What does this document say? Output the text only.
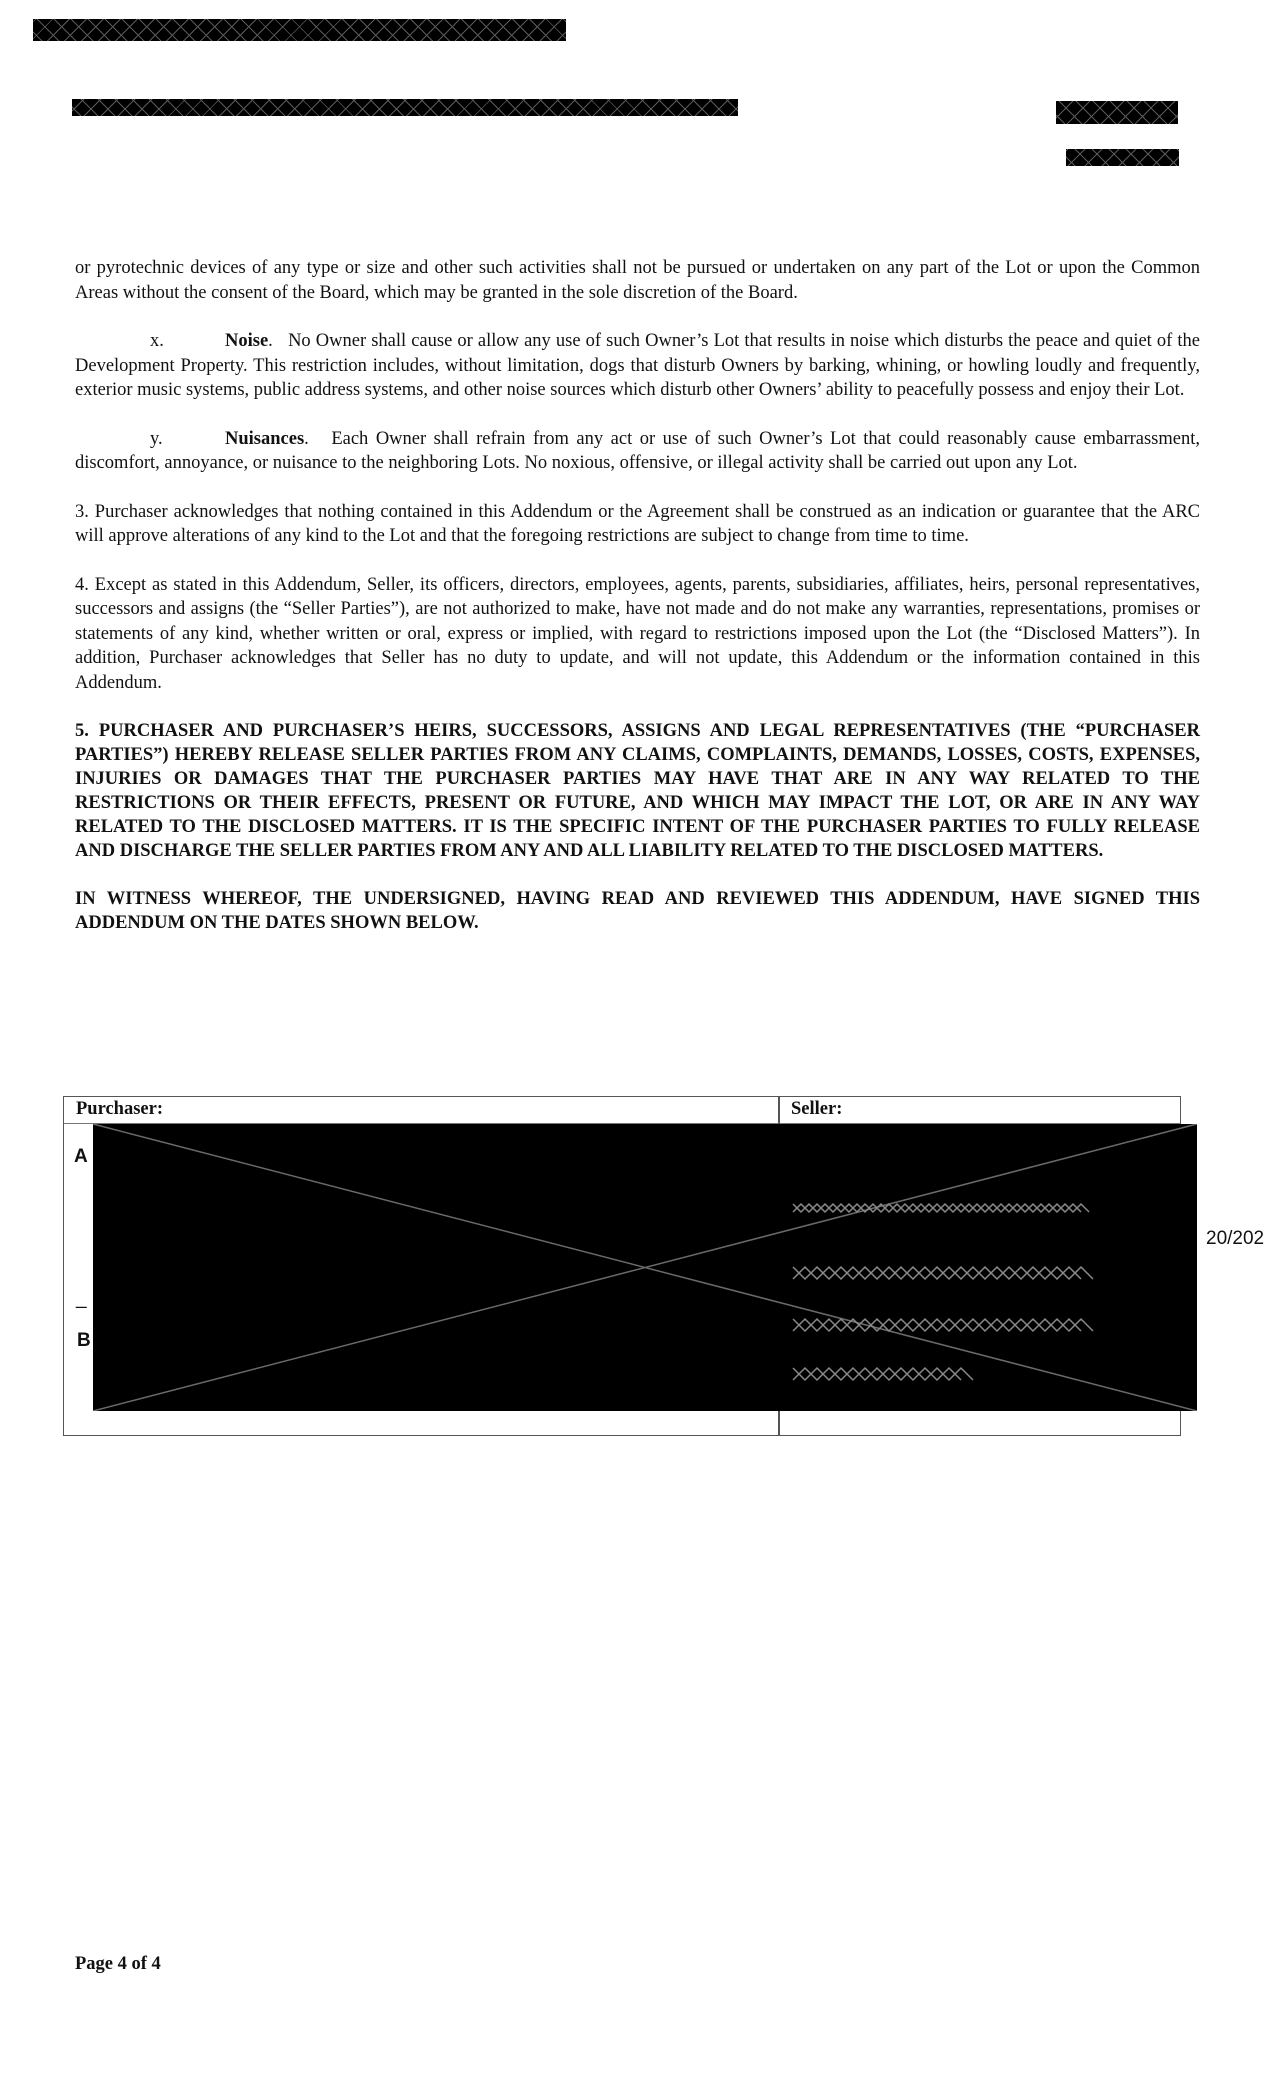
or pyrotechnic devices of any type or size and other such activities shall not be pursued or undertaken on any part of the Lot or upon the Common Areas without the consent of the Board, which may be granted in the sole discretion of the Board.

x.	Noise.   No Owner shall cause or allow any use of such Owner’s Lot that results in noise which disturbs the peace and quiet of the Development Property. This restriction includes, without limitation, dogs that disturb Owners by barking, whining, or howling loudly and frequently, exterior music systems, public address systems, and other noise sources which disturb other Owners’ ability to peacefully possess and enjoy their Lot.

y.	Nuisances.   Each Owner shall refrain from any act or use of such Owner’s Lot that could reasonably cause embarrassment, discomfort, annoyance, or nuisance to the neighboring Lots. No noxious, offensive, or illegal activity shall be carried out upon any Lot.

3. Purchaser acknowledges that nothing contained in this Addendum or the Agreement shall be construed as an indication or guarantee that the ARC will approve alterations of any kind to the Lot and that the foregoing restrictions are subject to change from time to time.

4. Except as stated in this Addendum, Seller, its officers, directors, employees, agents, parents, subsidiaries, affiliates, heirs, personal representatives, successors and assigns (the “Seller Parties”), are not authorized to make, have not made and do not make any warranties, representations, promises or statements of any kind, whether written or oral, express or implied, with regard to restrictions imposed upon the Lot (the “Disclosed Matters”). In addition, Purchaser acknowledges that Seller has no duty to update, and will not update, this Addendum or the information contained in this Addendum.

5. PURCHASER AND PURCHASER’S HEIRS, SUCCESSORS, ASSIGNS AND LEGAL REPRESENTATIVES (THE “PURCHASER PARTIES”) HEREBY RELEASE SELLER PARTIES FROM ANY CLAIMS, COMPLAINTS, DEMANDS, LOSSES, COSTS, EXPENSES, INJURIES OR DAMAGES THAT THE PURCHASER PARTIES MAY HAVE THAT ARE IN ANY WAY RELATED TO THE RESTRICTIONS OR THEIR EFFECTS, PRESENT OR FUTURE, AND WHICH MAY IMPACT THE LOT, OR ARE IN ANY WAY RELATED TO THE DISCLOSED MATTERS. IT IS THE SPECIFIC INTENT OF THE PURCHASER PARTIES TO FULLY RELEASE AND DISCHARGE THE SELLER PARTIES FROM ANY AND ALL LIABILITY RELATED TO THE DISCLOSED MATTERS.

IN WITNESS WHEREOF, THE UNDERSIGNED, HAVING READ AND REVIEWED THIS ADDENDUM, HAVE SIGNED THIS ADDENDUM ON THE DATES SHOWN BELOW.

Purchaser:	Seller:
A
_
B
20/202
Page 4 of 4
